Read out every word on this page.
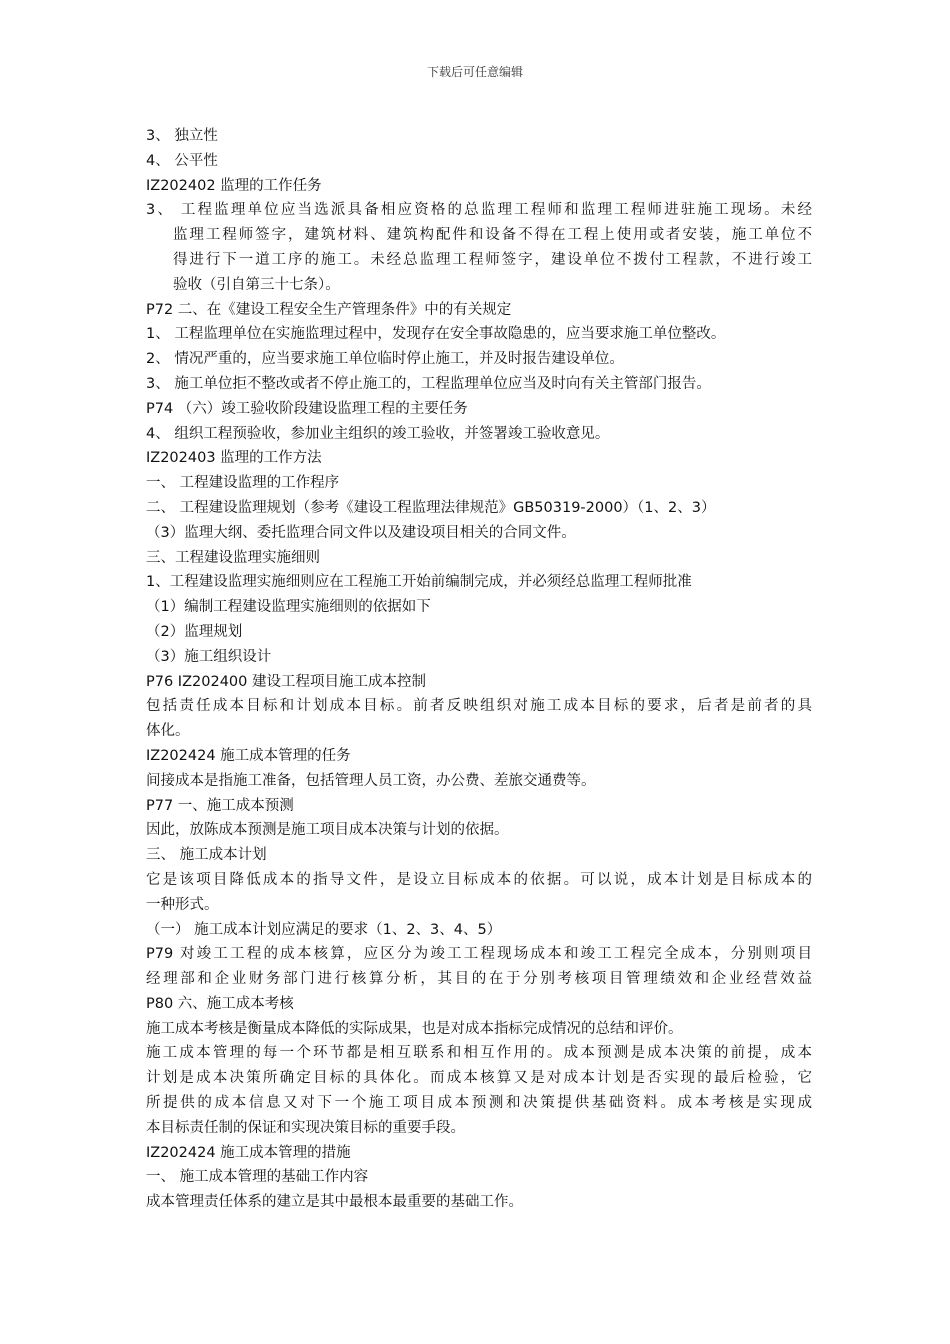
下载后可任意编辑
3、 独立性
4、 公平性
IZ202402 监理的工作任务
3、 工程监理单位应当选派具备相应资格的总监理工程师和监理工程师进驻施工现场。未经
监理工程师签字，建筑材料、建筑构配件和设备不得在工程上使用或者安装，施工单位不
得进行下一道工序的施工。未经总监理工程师签字，建设单位不拨付工程款，不进行竣工
验收（引自第三十七条）。
P72 二、在《建设工程安全生产管理条件》中的有关规定
1、 工程监理单位在实施监理过程中，发现存在安全事故隐患的，应当要求施工单位整改。
2、 情况严重的，应当要求施工单位临时停止施工，并及时报告建设单位。
3、 施工单位拒不整改或者不停止施工的，工程监理单位应当及时向有关主管部门报告。
P74 （六）竣工验收阶段建设监理工程的主要任务
4、 组织工程预验收，参加业主组织的竣工验收，并签署竣工验收意见。
IZ202403 监理的工作方法
一、 工程建设监理的工作程序
二、 工程建设监理规划（参考《建设工程监理法律规范》GB50319-2000）（1、2、3）
（3）监理大纲、委托监理合同文件以及建设项目相关的合同文件。
三、工程建设监理实施细则
1、工程建设监理实施细则应在工程施工开始前编制完成，并必须经总监理工程师批准
（1）编制工程建设监理实施细则的依据如下
（2）监理规划
（3）施工组织设计
P76 IZ202400 建设工程项目施工成本控制
包括责任成本目标和计划成本目标。前者反映组织对施工成本目标的要求，后者是前者的具
体化。
IZ202424 施工成本管理的任务
间接成本是指施工准备，包括管理人员工资，办公费、差旅交通费等。
P77 一、施工成本预测
因此，放陈成本预测是施工项目成本决策与计划的依据。
三、 施工成本计划
它是该项目降低成本的指导文件，是设立目标成本的依据。可以说，成本计划是目标成本的
一种形式。
（一） 施工成本计划应满足的要求（1、2、3、4、5）
P79 对竣工工程的成本核算，应区分为竣工工程现场成本和竣工工程完全成本，分别则项目
经理部和企业财务部门进行核算分析，其目的在于分别考核项目管理绩效和企业经营效益
P80 六、施工成本考核
施工成本考核是衡量成本降低的实际成果，也是对成本指标完成情况的总结和评价。
施工成本管理的每一个环节都是相互联系和相互作用的。成本预测是成本决策的前提，成本
计划是成本决策所确定目标的具体化。而成本核算又是对成本计划是否实现的最后检验，它
所提供的成本信息又对下一个施工项目成本预测和决策提供基础资料。成本考核是实现成
本目标责任制的保证和实现决策目标的重要手段。
IZ202424 施工成本管理的措施
一、 施工成本管理的基础工作内容
成本管理责任体系的建立是其中最根本最重要的基础工作。
